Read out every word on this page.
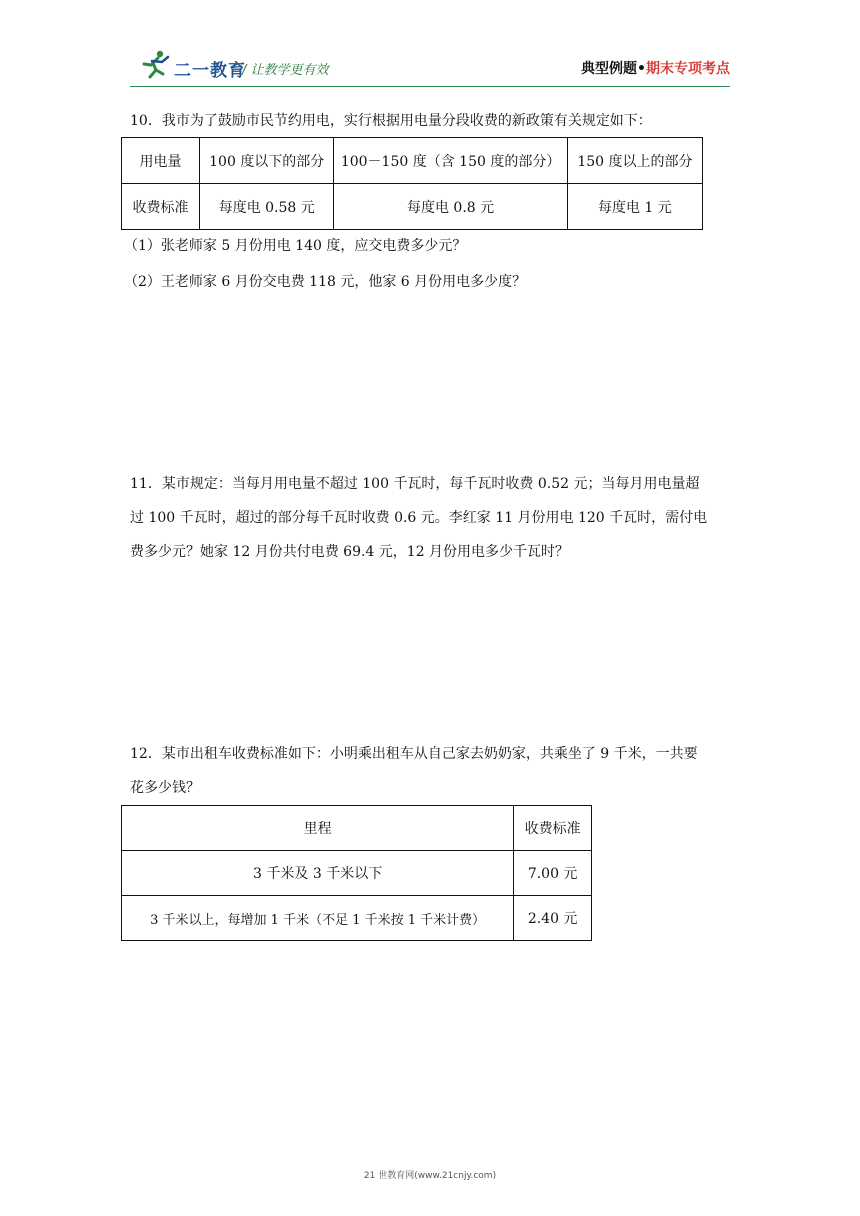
二一教育
/ 让教学更有效	典型例题•期末专项考点
10．我市为了鼓励市民节约用电，实行根据用电量分段收费的新政策有关规定如下：
用电量	100 度以下的部分	100－150 度（含 150 度的部分）	150 度以上的部分
收费标准	每度电 0.58 元	每度电 0.8 元	每度电 1 元
（1）张老师家 5 月份用电 140 度，应交电费多少元？
（2）王老师家 6 月份交电费 118 元，他家 6 月份用电多少度？
11．某市规定：当每月用电量不超过 100 千瓦时，每千瓦时收费 0.52 元；当每月用电量超
过 100 千瓦时，超过的部分每千瓦时收费 0.6 元。李红家 11 月份用电 120 千瓦时，需付电
费多少元？她家 12 月份共付电费 69.4 元，12 月份用电多少千瓦时？
12．某市出租车收费标准如下：小明乘出租车从自己家去奶奶家，共乘坐了 9 千米，一共要
花多少钱？
里程	收费标准
3 千米及 3 千米以下	7.00 元
3 千米以上，每增加 1 千米（不足 1 千米按 1 千米计费）	2.40 元
21 世教育网(www.21cnjy.com)
